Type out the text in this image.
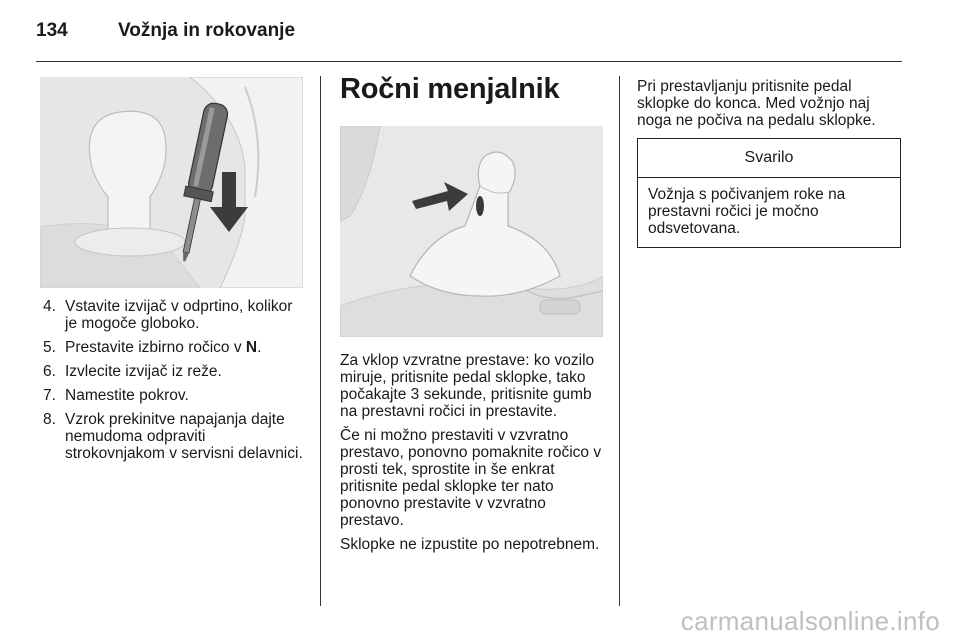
134	Vožnja in rokovanje
4. Vstavite izvijač v odprtino, kolikor je mogoče globoko.
5. Prestavite izbirno ročico v N.
6. Izvlecite izvijač iz reže.
7. Namestite pokrov.
8. Vzrok prekinitve napajanja dajte nemudoma odpraviti strokovnjakom v servisni delavnici.
Ročni menjalnik

Za vklop vzvratne prestave: ko vozilo miruje, pritisnite pedal sklopke, tako počakajte 3 sekunde, pritisnite gumb na prestavni ročici in prestavite.

Če ni možno prestaviti v vzvratno prestavo, ponovno pomaknite ročico v prosti tek, sprostite in še enkrat pritisnite pedal sklopke ter nato ponovno prestavite v vzvratno prestavo.

Sklopke ne izpustite po nepotrebnem.

Pri prestavljanju pritisnite pedal sklopke do konca. Med vožnjo naj noga ne počiva na pedalu sklopke.

Svarilo
Vožnja s počivanjem roke na prestavni ročici je močno odsvetovana.
carmanualsonline.info
